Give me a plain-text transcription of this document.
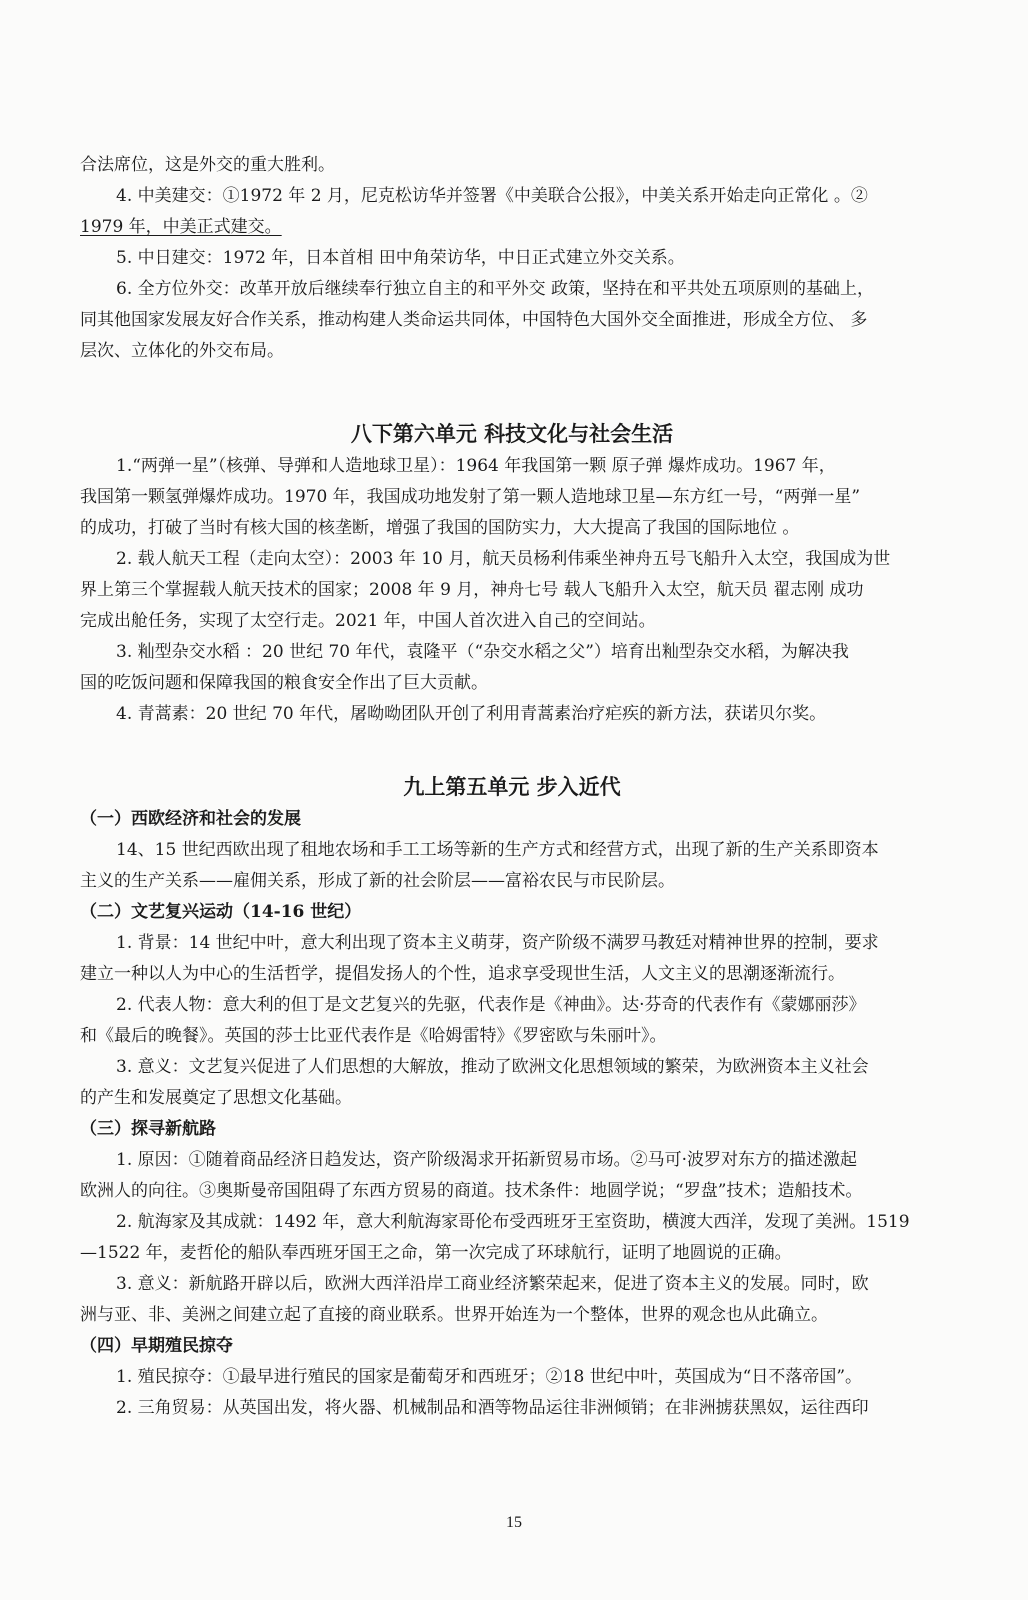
合法席位，这是外交的重大胜利。

4. 中美建交：①1972 年 2 月，尼克松访华并签署《中美联合公报》，中美关系开始走向正常化 。②

1979 年，中美正式建交。

5. 中日建交：1972 年，日本首相 田中角荣访华，中日正式建立外交关系。

6. 全方位外交：改革开放后继续奉行独立自主的和平外交 政策，坚持在和平共处五项原则的基础上，

同其他国家发展友好合作关系，推动构建人类命运共同体，中国特色大国外交全面推进，形成全方位、 多

层次、立体化的外交布局。

八下第六单元 科技文化与社会生活

1.“两弹一星”（核弹、导弹和人造地球卫星）：1964 年我国第一颗 原子弹 爆炸成功。1967 年，

我国第一颗氢弹爆炸成功。1970 年，我国成功地发射了第一颗人造地球卫星—东方红一号，“两弹一星”

的成功，打破了当时有核大国的核垄断，增强了我国的国防实力，大大提高了我国的国际地位 。

2. 载人航天工程（走向太空）：2003 年 10 月，航天员杨利伟乘坐神舟五号飞船升入太空，我国成为世

界上第三个掌握载人航天技术的国家；2008 年 9 月，神舟七号 载人飞船升入太空，航天员 翟志刚 成功

完成出舱任务，实现了太空行走。2021 年，中国人首次进入自己的空间站。

3. 籼型杂交水稻 ：20 世纪 70 年代，袁隆平（“杂交水稻之父”）培育出籼型杂交水稻，为解决我

国的吃饭问题和保障我国的粮食安全作出了巨大贡献。

4. 青蒿素：20 世纪 70 年代，屠呦呦团队开创了利用青蒿素治疗疟疾的新方法，获诺贝尔奖。

九上第五单元 步入近代
（一）西欧经济和社会的发展

14、15 世纪西欧出现了租地农场和手工工场等新的生产方式和经营方式，出现了新的生产关系即资本

主义的生产关系——雇佣关系，形成了新的社会阶层——富裕农民与市民阶层。

（二）文艺复兴运动（14-16 世纪）

1. 背景：14 世纪中叶，意大利出现了资本主义萌芽，资产阶级不满罗马教廷对精神世界的控制，要求

建立一种以人为中心的生活哲学，提倡发扬人的个性，追求享受现世生活，人文主义的思潮逐渐流行。

2. 代表人物：意大利的但丁是文艺复兴的先驱，代表作是《神曲》。达·芬奇的代表作有《蒙娜丽莎》

和《最后的晚餐》。英国的莎士比亚代表作是《哈姆雷特》《罗密欧与朱丽叶》。

3. 意义：文艺复兴促进了人们思想的大解放，推动了欧洲文化思想领域的繁荣，为欧洲资本主义社会

的产生和发展奠定了思想文化基础。

（三）探寻新航路

1. 原因：①随着商品经济日趋发达，资产阶级渴求开拓新贸易市场。②马可·波罗对东方的描述激起

欧洲人的向往。③奥斯曼帝国阻碍了东西方贸易的商道。技术条件：地圆学说；“罗盘”技术；造船技术。

2. 航海家及其成就：1492 年，意大利航海家哥伦布受西班牙王室资助，横渡大西洋，发现了美洲。1519

—1522 年，麦哲伦的船队奉西班牙国王之命，第一次完成了环球航行，证明了地圆说的正确。

3. 意义：新航路开辟以后，欧洲大西洋沿岸工商业经济繁荣起来，促进了资本主义的发展。同时，欧

洲与亚、非、美洲之间建立起了直接的商业联系。世界开始连为一个整体，世界的观念也从此确立。

（四）早期殖民掠夺

1. 殖民掠夺：①最早进行殖民的国家是葡萄牙和西班牙；②18 世纪中叶，英国成为“日不落帝国”。

2. 三角贸易：从英国出发，将火器、机械制品和酒等物品运往非洲倾销；在非洲掳获黑奴，运往西印

15
